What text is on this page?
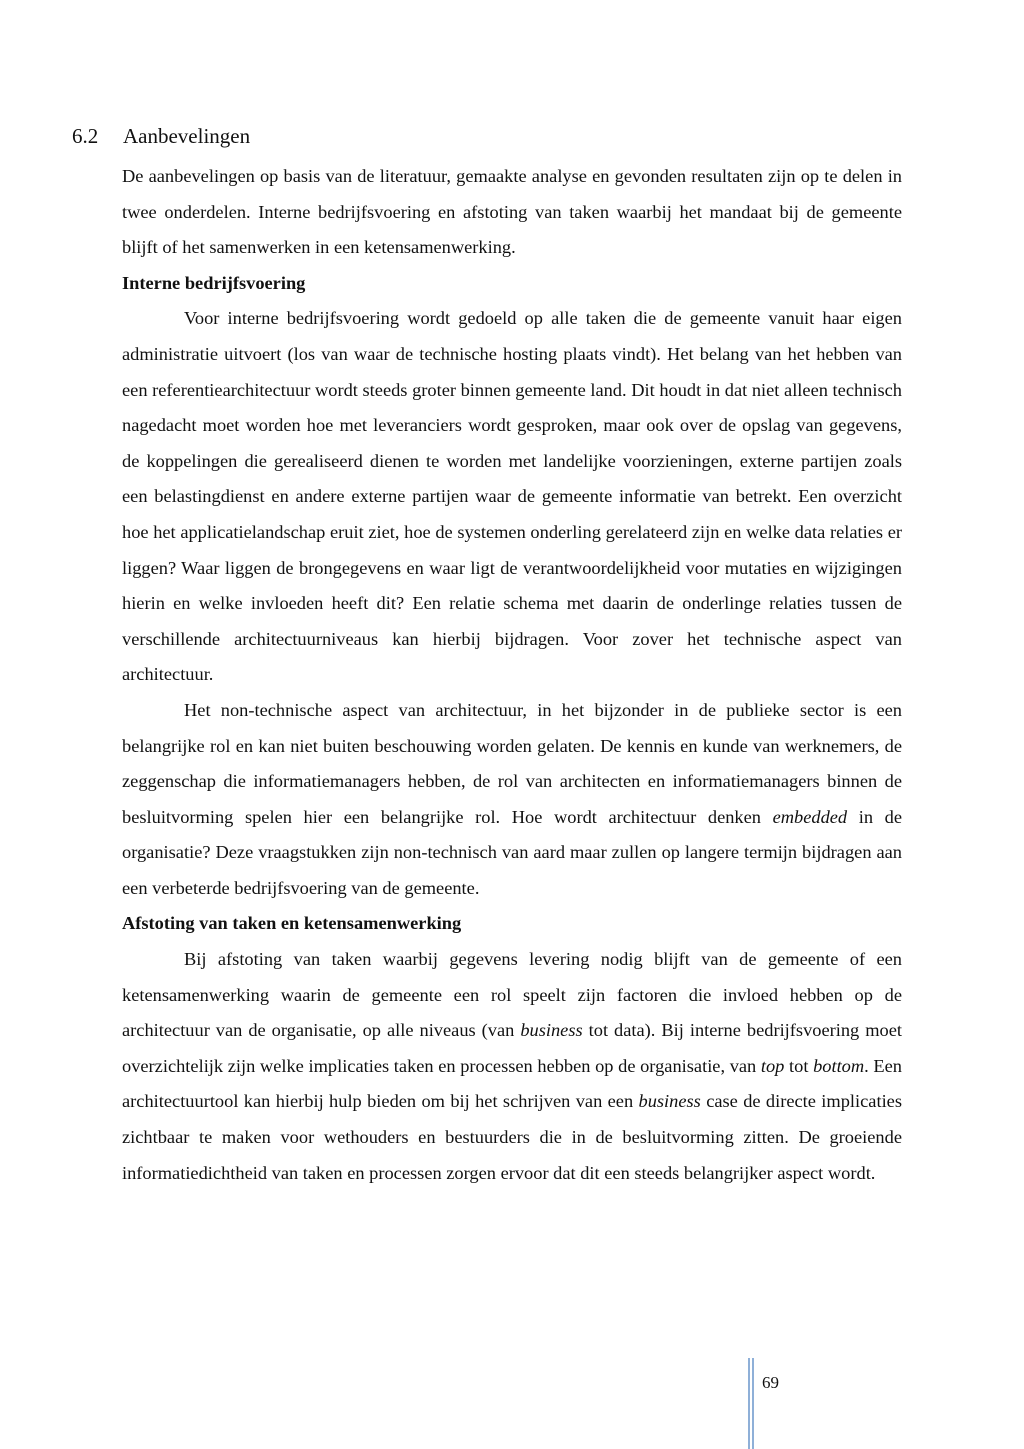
6.2 Aanbevelingen

De aanbevelingen op basis van de literatuur, gemaakte analyse en gevonden resultaten zijn op te delen in twee onderdelen. Interne bedrijfsvoering en afstoting van taken waarbij het mandaat bij de gemeente blijft of het samenwerken in een ketensamenwerking.

Interne bedrijfsvoering

Voor interne bedrijfsvoering wordt gedoeld op alle taken die de gemeente vanuit haar eigen administratie uitvoert (los van waar de technische hosting plaats vindt). Het belang van het hebben van een referentiearchitectuur wordt steeds groter binnen gemeente land. Dit houdt in dat niet alleen technisch nagedacht moet worden hoe met leveranciers wordt gesproken, maar ook over de opslag van gegevens, de koppelingen die gerealiseerd dienen te worden met landelijke voorzieningen, externe partijen zoals een belastingdienst en andere externe partijen waar de gemeente informatie van betrekt. Een overzicht hoe het applicatielandschap eruit ziet, hoe de systemen onderling gerelateerd zijn en welke data relaties er liggen? Waar liggen de brongegevens en waar ligt de verantwoordelijkheid voor mutaties en wijzigingen hierin en welke invloeden heeft dit? Een relatie schema met daarin de onderlinge relaties tussen de verschillende architectuurniveaus kan hierbij bijdragen. Voor zover het technische aspect van architectuur.

Het non-technische aspect van architectuur, in het bijzonder in de publieke sector is een belangrijke rol en kan niet buiten beschouwing worden gelaten. De kennis en kunde van werknemers, de zeggenschap die informatiemanagers hebben, de rol van architecten en informatiemanagers binnen de besluitvorming spelen hier een belangrijke rol. Hoe wordt architectuur denken embedded in de organisatie? Deze vraagstukken zijn non-technisch van aard maar zullen op langere termijn bijdragen aan een verbeterde bedrijfsvoering van de gemeente.

Afstoting van taken en ketensamenwerking

Bij afstoting van taken waarbij gegevens levering nodig blijft van de gemeente of een ketensamenwerking waarin de gemeente een rol speelt zijn factoren die invloed hebben op de architectuur van de organisatie, op alle niveaus (van business tot data). Bij interne bedrijfsvoering moet overzichtelijk zijn welke implicaties taken en processen hebben op de organisatie, van top tot bottom. Een architectuurtool kan hierbij hulp bieden om bij het schrijven van een business case de directe implicaties zichtbaar te maken voor wethouders en bestuurders die in de besluitvorming zitten. De groeiende informatiedichtheid van taken en processen zorgen ervoor dat dit een steeds belangrijker aspect wordt.

69
